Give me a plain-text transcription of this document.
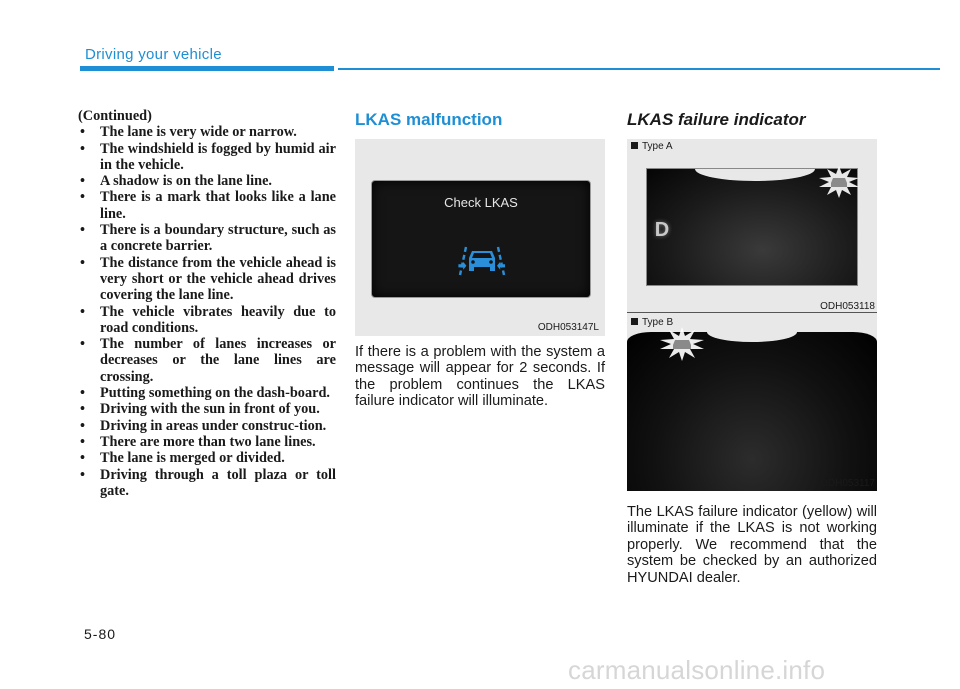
Driving your vehicle

(Continued)

• The lane is very wide or narrow.
• The windshield is fogged by humid air in the vehicle.
• A shadow is on the lane line.
• There is a mark that looks like a lane line.
• There is a boundary structure, such as a concrete barrier.
• The distance from the vehicle ahead is very short or the vehicle ahead drives covering the lane line.
• The vehicle vibrates heavily due to road conditions.
• The number of lanes increases or decreases or the lane lines are crossing.
• Putting something on the dash-board.
• Driving with the sun in front of you.
• Driving in areas under construc-tion.
• There are more than two lane lines.
• The lane is merged or divided.
• Driving through a toll plaza or toll gate.
LKAS malfunction
Check LKAS
ODH053147L
If there is a problem with the system a message will appear for 2 seconds. If the problem continues the LKAS failure indicator will illuminate.
LKAS failure indicator
Type A
D
ODH053118
Type B
ODH053117
The LKAS failure indicator (yellow) will illuminate if the LKAS is not working properly. We recommend that the system be checked by an authorized HYUNDAI dealer.
5-80
carmanualsonline.info
